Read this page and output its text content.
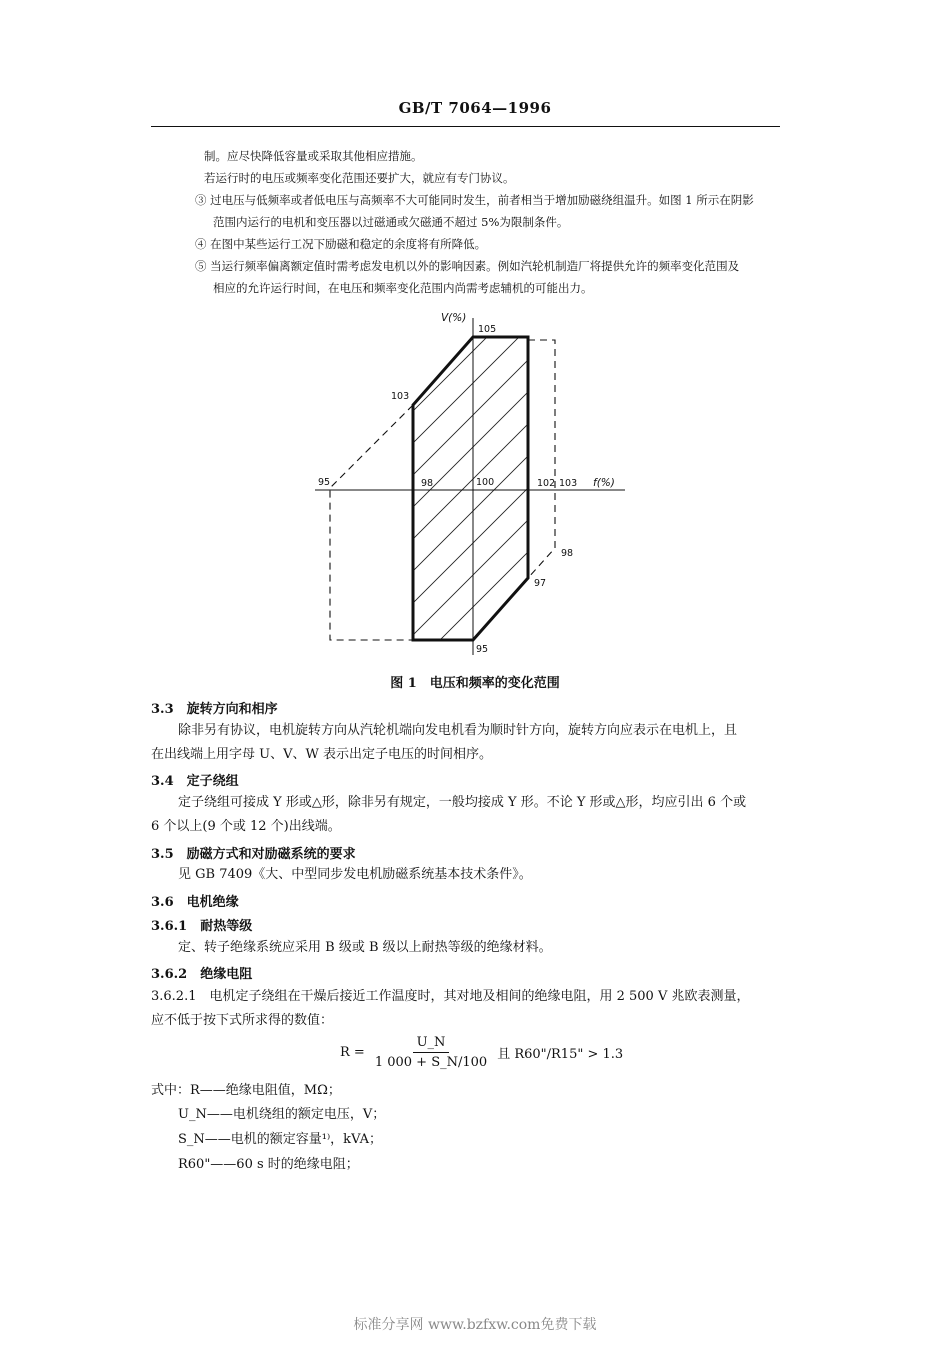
GB/T 7064—1996
制。应尽快降低容量或采取其他相应措施。
若运行时的电压或频率变化范围还要扩大，就应有专门协议。
③ 过电压与低频率或者低电压与高频率不大可能同时发生，前者相当于增加励磁绕组温升。如图 1 所示在阴影
范围内运行的电机和变压器以过磁通或欠磁通不超过 5%为限制条件。
④ 在图中某些运行工况下励磁和稳定的余度将有所降低。
⑤ 当运行频率偏离额定值时需考虑发电机以外的影响因素。例如汽轮机制造厂将提供允许的频率变化范围及
相应的允许运行时间，在电压和频率变化范围内尚需考虑辅机的可能出力。
V(%)
105
103
95	98	100	102 103 f(%)
98
97
95
图 1　电压和频率的变化范围
3.3　旋转方向和相序
除非另有协议，电机旋转方向从汽轮机端向发电机看为顺时针方向，旋转方向应表示在电机上，且
在出线端上用字母 U、V、W 表示出定子电压的时间相序。
3.4　定子绕组
定子绕组可接成 Y 形或△形，除非另有规定，一般均接成 Y 形。不论 Y 形或△形，均应引出 6 个或
6 个以上(9 个或 12 个)出线端。
3.5　励磁方式和对励磁系统的要求
见 GB 7409《大、中型同步发电机励磁系统基本技术条件》。
3.6　电机绝缘
3.6.1　耐热等级
定、转子绝缘系统应采用 B 级或 B 级以上耐热等级的绝缘材料。
3.6.2　绝缘电阻
3.6.2.1　电机定子绕组在干燥后接近工作温度时，其对地及相间的绝缘电阻，用 2 500 V 兆欧表测量，
应不低于按下式所求得的数值：
$R = \frac{U\_N}{1 000 + S\_N/100}$ 且 R60"/R15" > 1.3
式中：R——绝缘电阻值，MΩ；
U_N——电机绕组的额定电压，V；
S_N——电机的额定容量¹⁾，kVA；
R60"——60 s 时的绝缘电阻；
标准分享网 www.bzfxw.com免费下载
